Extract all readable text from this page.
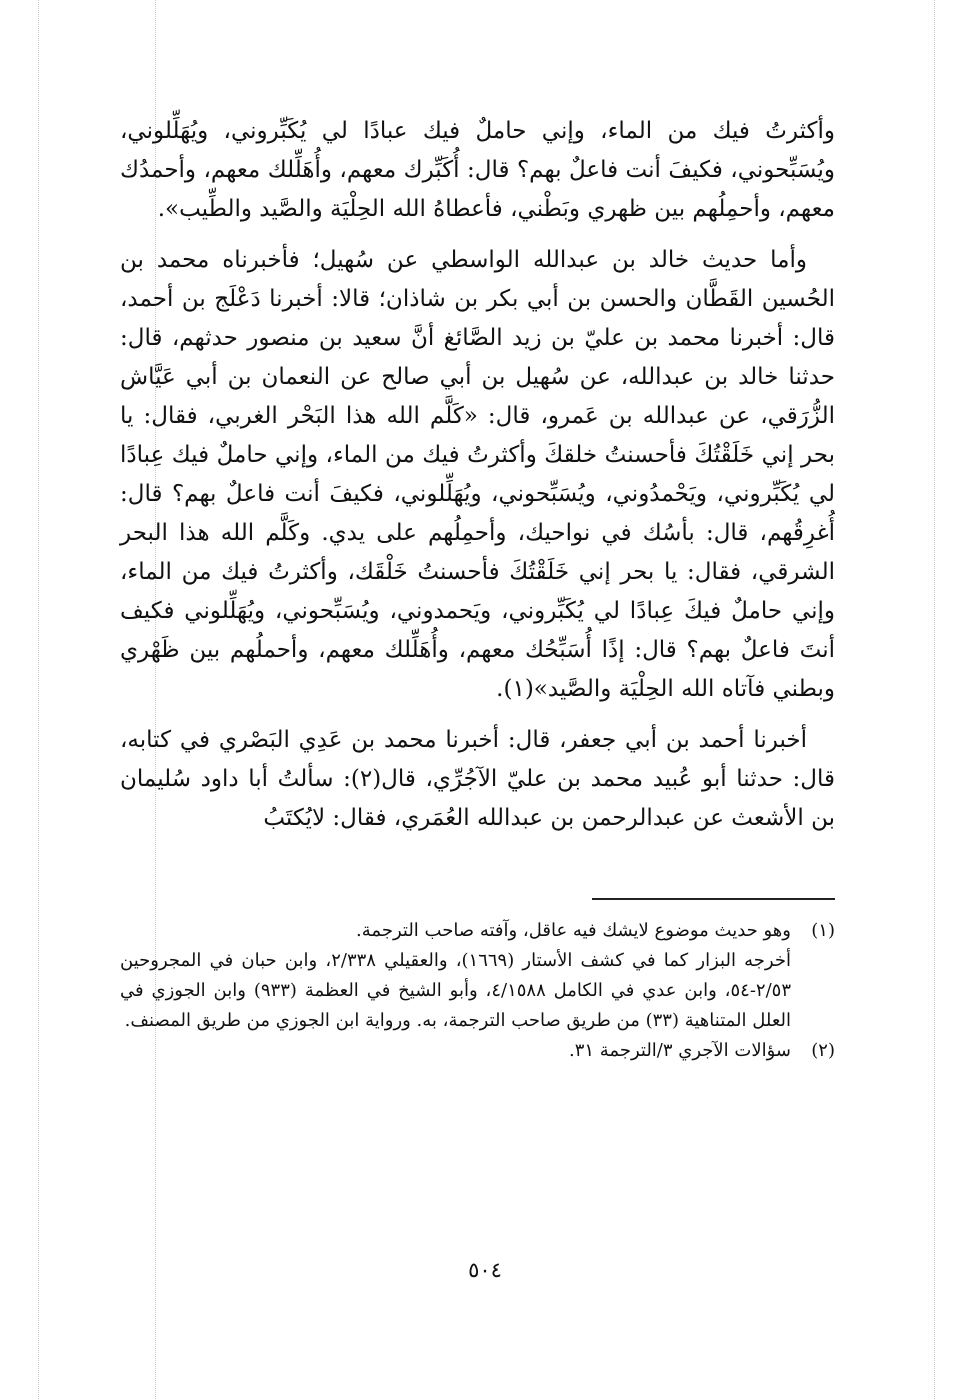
وأكثرتُ فيك من الماء، وإني حاملٌ فيك عبادًا لي يُكَبِّروني، ويُهَلِّلوني، ويُسَبِّحوني، فكيفَ أنت فاعلٌ بهم؟ قال: أُكَبِّرك معهم، وأُهَلِّلك معهم، وأحمدُك معهم، وأحمِلُهم بين ظهري وبَطْني، فأعطاهُ الله الحِلْيَة والصَّيد والطِّيب».

وأما حديث خالد بن عبدالله الواسطي عن سُهيل؛ فأخبرناه محمد بن الحُسين القَطَّان والحسن بن أبي بكر بن شاذان؛ قالا: أخبرنا دَعْلَج بن أحمد، قال: أخبرنا محمد بن عليّ بن زيد الصَّائغ أنَّ سعيد بن منصور حدثهم، قال: حدثنا خالد بن عبدالله، عن سُهيل بن أبي صالح عن النعمان بن أبي عَيَّاش الزُّرَقي، عن عبدالله بن عَمرو، قال: «كَلَّم الله هذا البَحْر الغربي، فقال: يا بحر إني خَلَقْتُكَ فأحسنتُ خلقكَ وأكثرتُ فيك من الماء، وإني حاملٌ فيك عِبادًا لي يُكَبِّروني، ويَحْمدُوني، ويُسَبِّحوني، ويُهَلِّلوني، فكيفَ أنت فاعلٌ بهم؟ قال: أُغرِقُهم، قال: بأسُك في نواحيك، وأحمِلُهم على يدي. وكَلَّم الله هذا البحر الشرقي، فقال: يا بحر إني خَلَقْتُكَ فأحسنتُ خَلْقَك، وأكثرتُ فيك من الماء، وإني حاملٌ فيكَ عِبادًا لي يُكَبِّروني، ويَحمدوني، ويُسَبِّحوني، ويُهَلِّلوني فكيف أنتَ فاعلٌ بهم؟ قال: إذًا أُسَبِّحُك معهم، وأُهَلِّلك معهم، وأحملُهم بين ظَهْري وبطني فآتاه الله الحِلْيَة والصَّيد»(١).

أخبرنا أحمد بن أبي جعفر، قال: أخبرنا محمد بن عَدِي البَصْري في كتابه، قال: حدثنا أبو عُبيد محمد بن عليّ الآجُرِّي، قال(٢): سألتُ أبا داود سُليمان بن الأشعث عن عبدالرحمن بن عبدالله العُمَري، فقال: لايُكتَبُ

(١)

وهو حديث موضوع لايشك فيه عاقل، وآفته صاحب الترجمة.

أخرجه البزار كما في كشف الأستار (١٦٦٩)، والعقيلي ٢/٣٣٨، وابن حبان في المجروحين ٢/٥٣-٥٤، وابن عدي في الكامل ٤/١٥٨٨، وأبو الشيخ في العظمة (٩٣٣) وابن الجوزي في العلل المتناهية (٣٣) من طريق صاحب الترجمة، به. ورواية ابن الجوزي من طريق المصنف.

(٢)

سؤالات الآجري ٣/الترجمة ٣١.

٥٠٤
